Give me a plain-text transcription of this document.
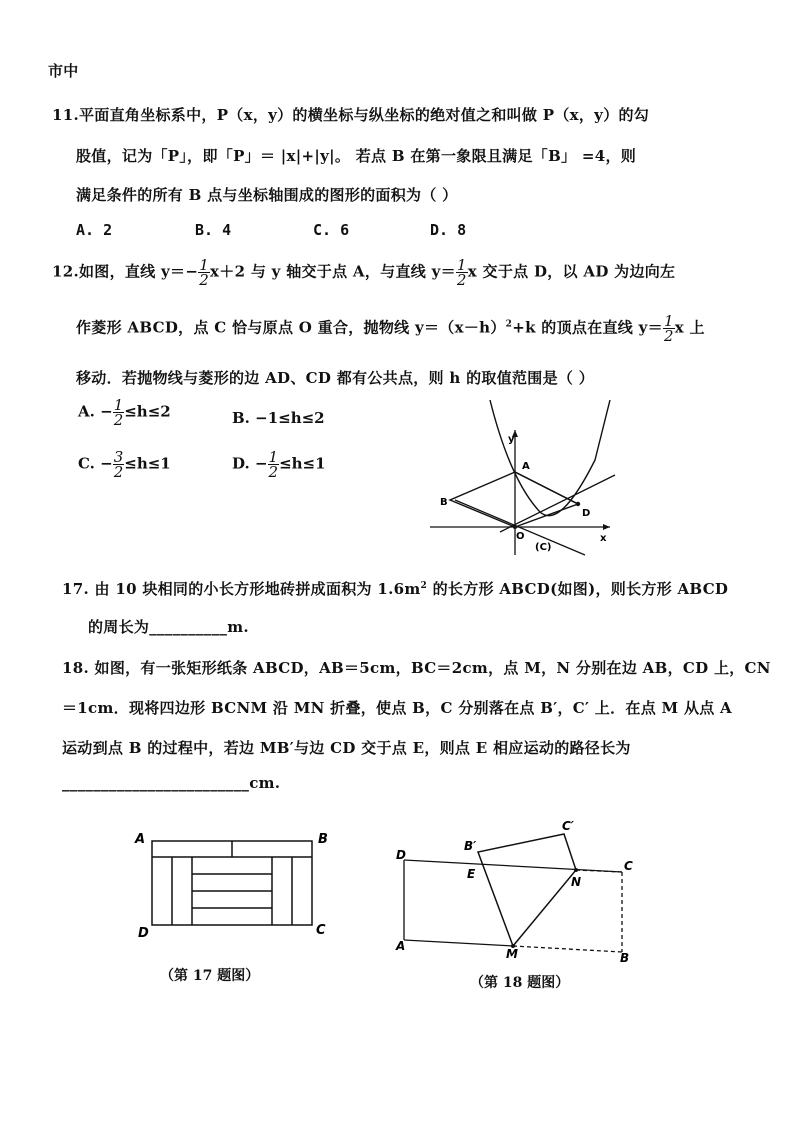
市中
11.平面直角坐标系中，P（x，y）的横坐标与纵坐标的绝对值之和叫做 P（x，y）的勾
股值，记为「P」，即「P」＝ |x|+|y|。 若点 B 在第一象限且满足「B」 =4，则
满足条件的所有 B 点与坐标轴围成的图形的面积为（ ）
A. 2	B. 4	C. 6	D. 8
12.如图，直线 $y=- \frac{1}{2} x+2$ 与 y 轴交于点 A，与直线 $y= \frac{1}{2}$ x 交于点 D，以 AD 为边向左
作菱形 ABCD，点 C 恰与原点 O 重合，抛物线 $y=(x-h)^2+k$ 的顶点在直线 $y= \frac{1}{2}$ x 上
移动．若抛物线与菱形的边 AD、CD 都有公共点，则 h 的取值范围是（ ）
A. − $\frac{1}{2} \le h\le 2$	B. −1≤h≤2
C. − $\frac{3}{2} \le h\le 1$	D. − $\frac{1}{2} \le h\le 1$
y
A
B
D
O
(C)
x
17. 由 10 块相同的小长方形地砖拼成面积为 $1.6m^2$ 的长方形 ABCD(如图)，则长方形 ABCD
的周长为__________m.
18. 如图，有一张矩形纸条 ABCD，AB＝5cm，BC＝2cm，点 M，N 分别在边 AB，CD 上，CN
＝1cm．现将四边形 BCNM 沿 MN 折叠，使点 B，C 分别落在点 B′，C′ 上．在点 M 从点 A
运动到点 B 的过程中，若边 MB′与边 CD 交于点 E，则点 E 相应运动的路径长为
________________________cm.
A	B
D	C
（第 17 题图）
D
C
A
B
B′
C′
E
N
M
（第 18 题图）
